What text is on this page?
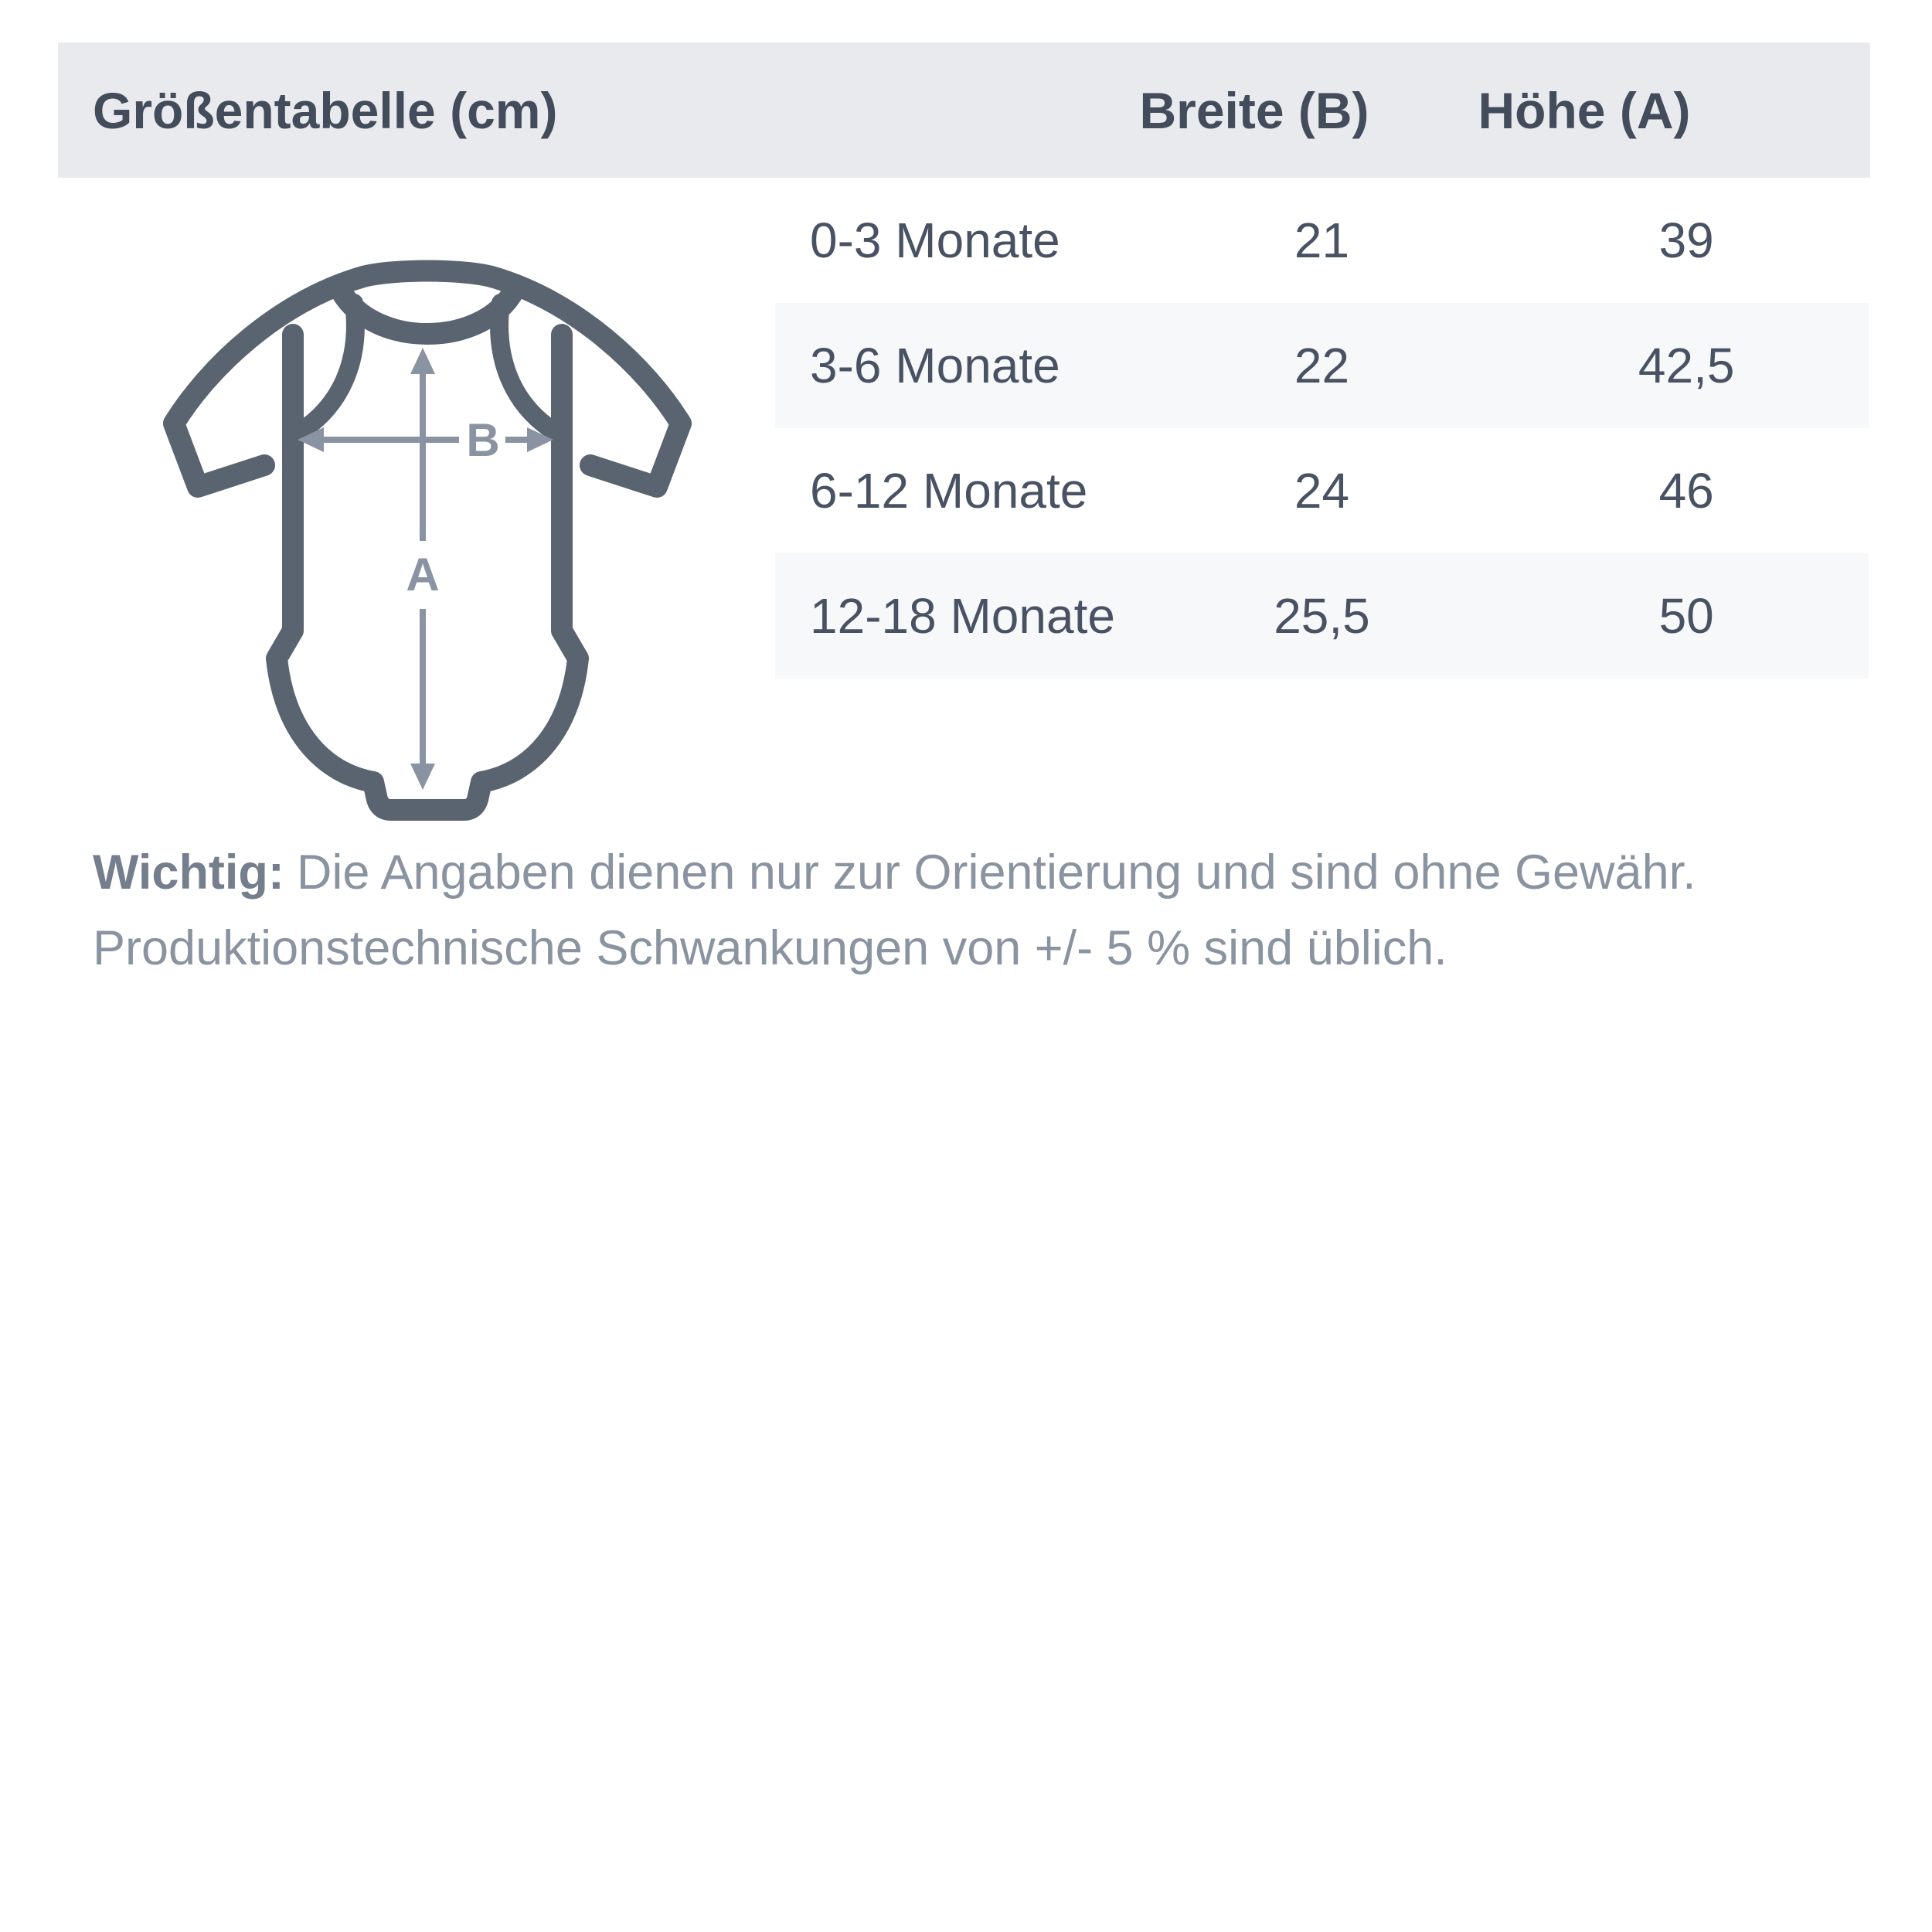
Größentabelle (cm)	Breite (B) Höhe (A)
B
A
0-3 Monate	21	39
3-6 Monate	22	42,5
6-12 Monate	24	46
12-18 Monate	25,5	50
Wichtig: Die Angaben dienen nur zur Orientierung und sind ohne Gewähr.
Produktionstechnische Schwankungen von +/- 5 % sind üblich.
